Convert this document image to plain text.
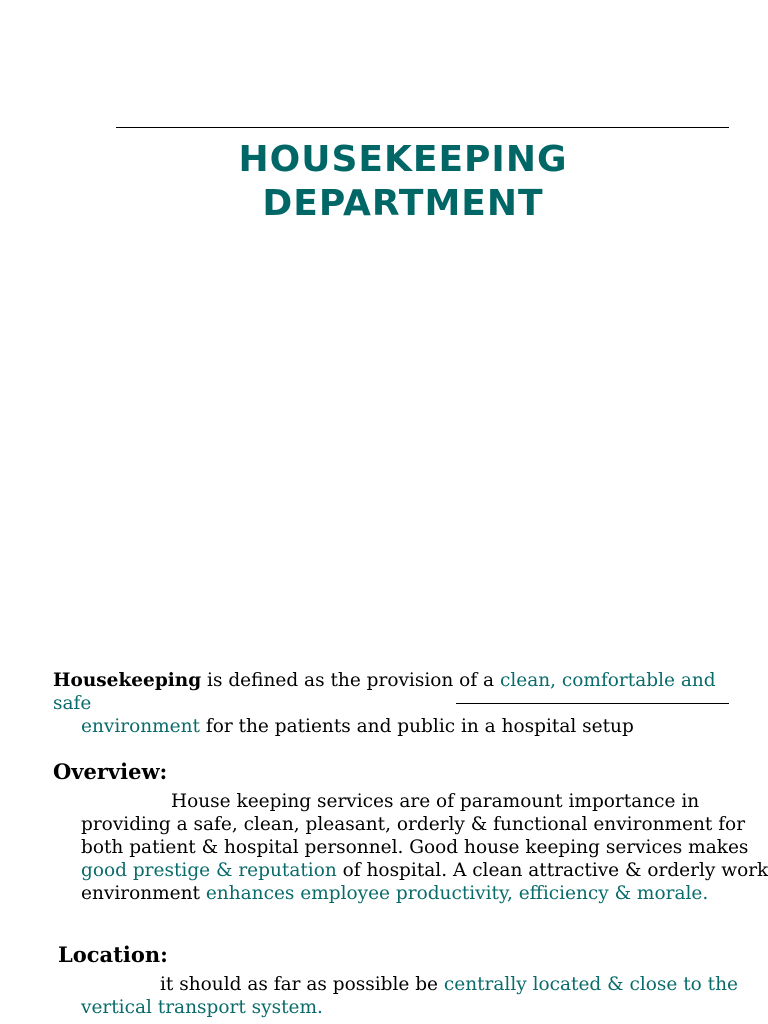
HOUSEKEEPING
DEPARTMENT

Housekeeping is defined as the provision of a clean, comfortable and safe
environment for the patients and public in a hospital setup

Overview:

House keeping services are of paramount importance in
providing a safe, clean, pleasant, orderly & functional environment for
both patient & hospital personnel. Good house keeping services makes
good prestige & reputation of hospital. A clean attractive & orderly work
environment enhances employee productivity, efficiency & morale.

Location:

it should as far as possible be centrally located & close to the
vertical transport system.
